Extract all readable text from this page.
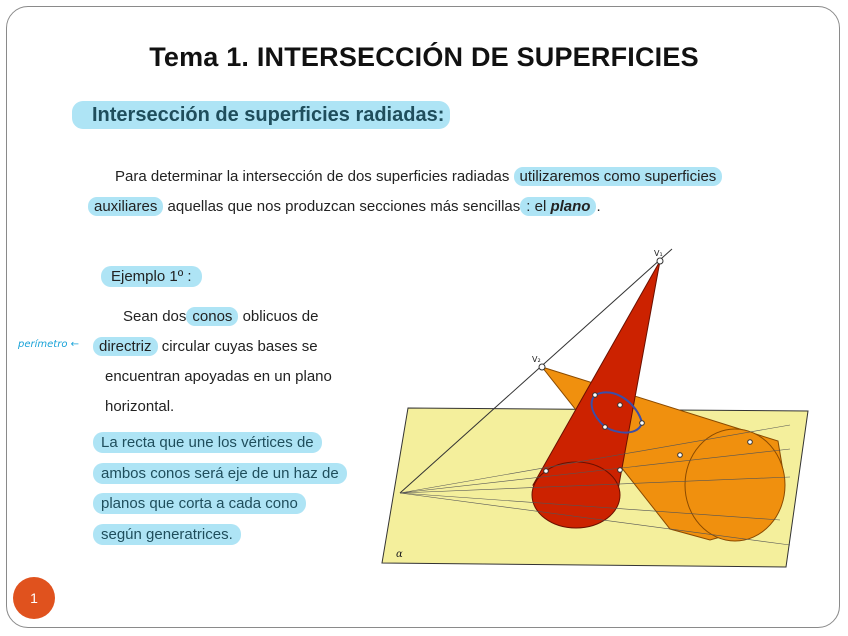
Tema 1. INTERSECCIÓN DE SUPERFICIES
Intersección de superficies radiadas:
Para determinar la intersección de dos superficies radiadas utilizaremos como superficies
auxiliares aquellas que nos produzcan secciones más sencillas : el plano .
Ejemplo 1º :
Sean dos conos oblicuos de
directriz circular cuyas bases se
encuentran apoyadas en un plano
horizontal.
La recta que une los vértices de
ambos conos será eje de un haz de
planos que corta a cada cono
según generatrices.
perímetro ←
V₁
V₂
α
1
